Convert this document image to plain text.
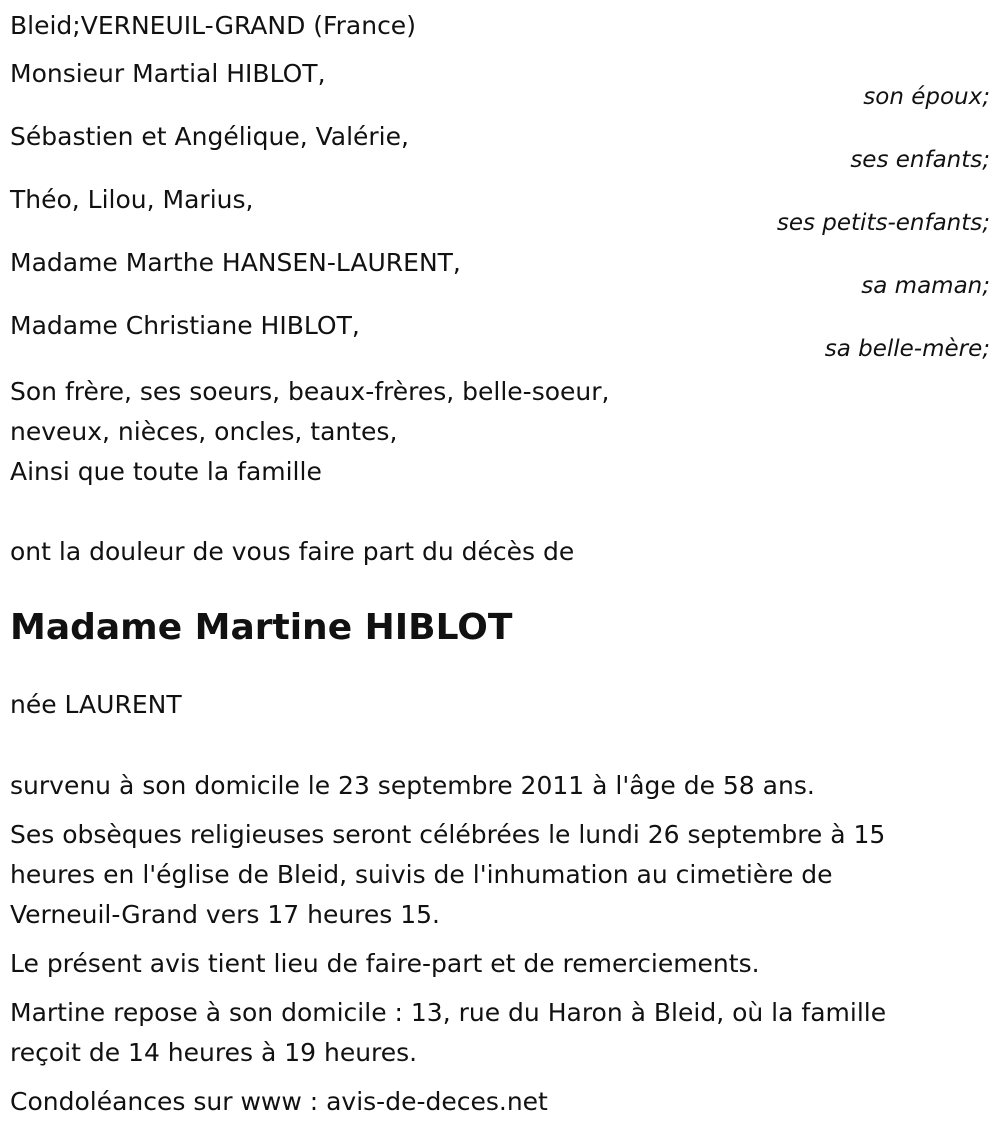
Bleid;VERNEUIL-GRAND (France)
Monsieur Martial HIBLOT,
son époux;
Sébastien et Angélique, Valérie,
ses enfants;
Théo, Lilou, Marius,
ses petits-enfants;
Madame Marthe HANSEN-LAURENT,
sa maman;
Madame Christiane HIBLOT,
sa belle-mère;
Son frère, ses soeurs, beaux-frères, belle-soeur,
neveux, nièces, oncles, tantes,
Ainsi que toute la famille
ont la douleur de vous faire part du décès de
Madame Martine HIBLOT
née LAURENT
survenu à son domicile le 23 septembre 2011 à l'âge de 58 ans.
Ses obsèques religieuses seront célébrées le lundi 26 septembre à 15
heures en l'église de Bleid, suivis de l'inhumation au cimetière de
Verneuil-Grand vers 17 heures 15.
Le présent avis tient lieu de faire-part et de remerciements.
Martine repose à son domicile : 13, rue du Haron à Bleid, où la famille
reçoit de 14 heures à 19 heures.
Condoléances sur www : avis-de-deces.net
